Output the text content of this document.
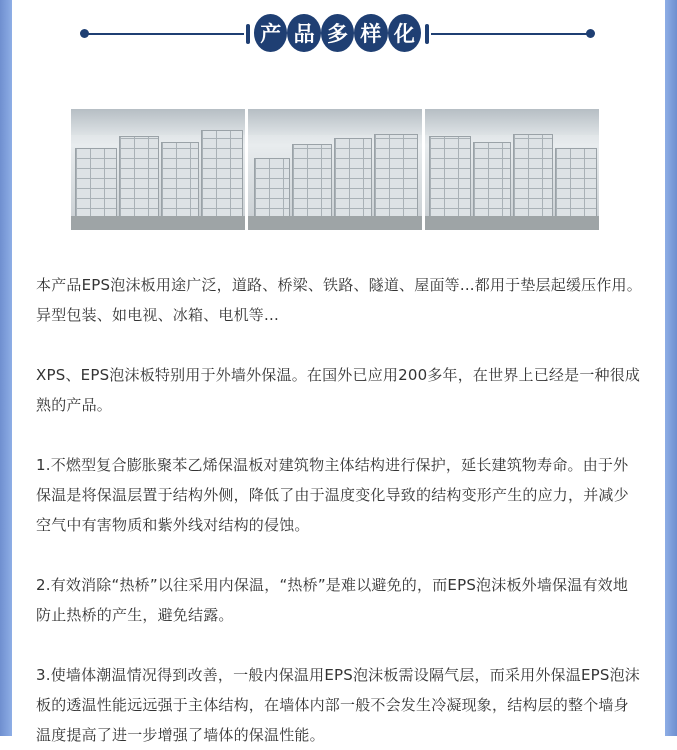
产 品 多 样 化

本产品EPS泡沫板用途广泛，道路、桥梁、铁路、隧道、屋面等...都用于垫层起缓压作用。异型包装、如电视、冰箱、电机等...

XPS、EPS泡沫板特别用于外墙外保温。在国外已应用200多年，在世界上已经是一种很成熟的产品。

1.不燃型复合膨胀聚苯乙烯保温板对建筑物主体结构进行保护，延长建筑物寿命。由于外保温是将保温层置于结构外侧，降低了由于温度变化导致的结构变形产生的应力，并减少空气中有害物质和紫外线对结构的侵蚀。

2.有效消除“热桥”以往采用内保温，“热桥”是难以避免的，而EPS泡沫板外墙保温有效地防止热桥的产生，避免结露。

3.使墙体潮温情况得到改善，一般内保温用EPS泡沫板需设隔气层，而采用外保温EPS泡沫板的透温性能远远强于主体结构，在墙体内部一般不会发生冷凝现象，结构层的整个墙身温度提高了进一步增强了墙体的保温性能。
